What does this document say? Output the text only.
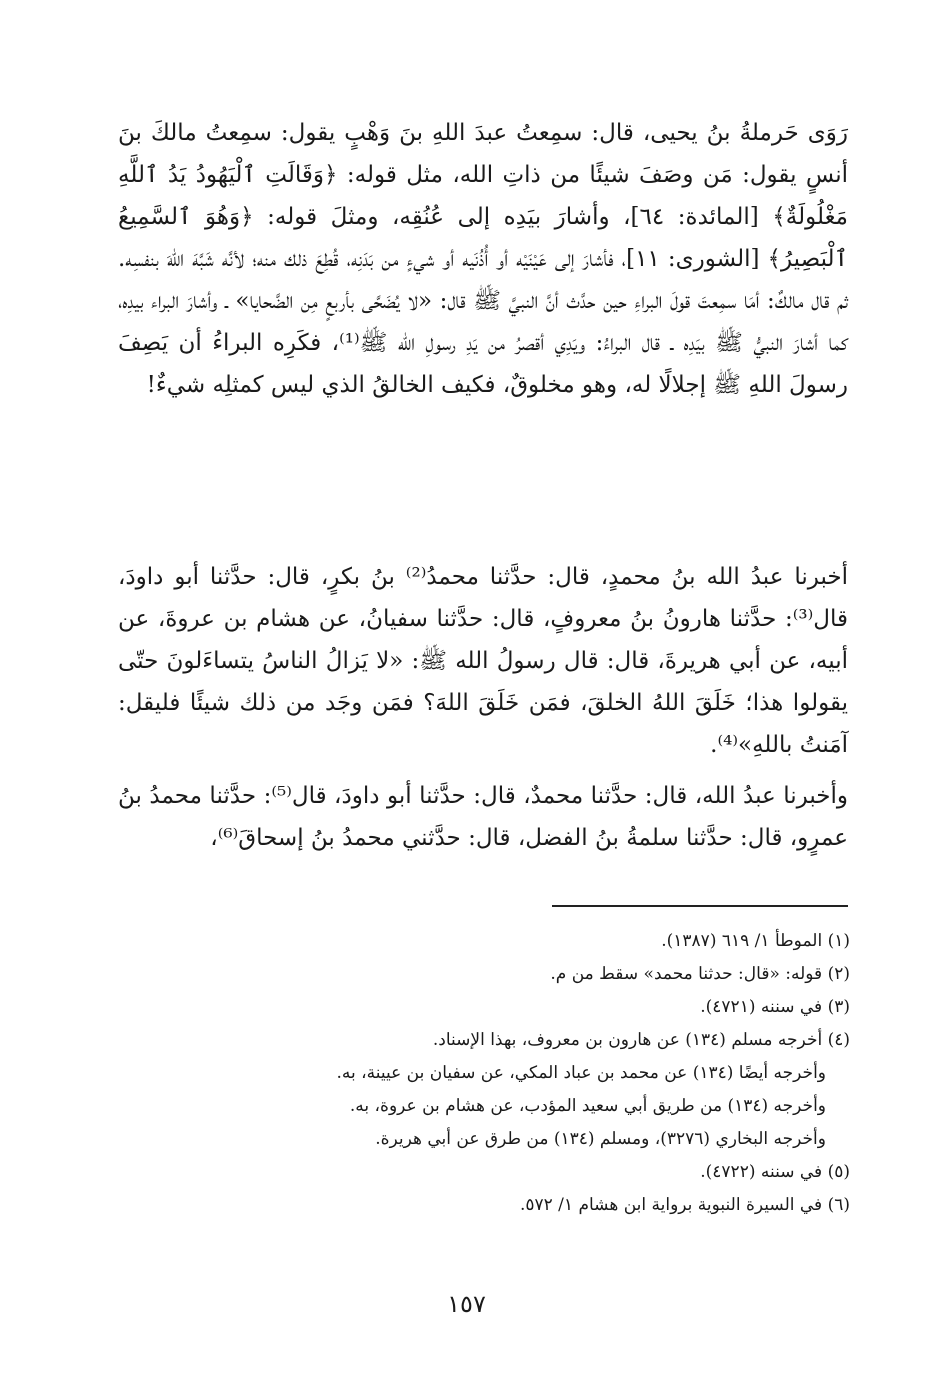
رَوَى حَرملةُ بنُ يحيى، قال: سمِعتُ عبدَ اللهِ بنَ وَهْبٍ يقول: سمِعتُ مالكَ بنَ أنسٍ يقول: مَن وصَفَ شيئًا من ذاتِ الله، مثل قوله: ﴿وَقَالَتِ ٱلْيَهُودُ يَدُ ٱللَّهِ مَغْلُولَةٌ﴾ [المائدة: ٦٤]، وأشارَ بيَدِه إلى عُنُقِه، ومثلَ قوله: ﴿وَهُوَ ٱلسَّمِيعُ ٱلْبَصِيرُ﴾ [الشورى: ١١]، فأشارَ إلى عَيْنَيْه أو أُذُنَيه أو شيءٍ من بَدَنِه، قُطِعَ ذلك منه؛ لأنَّه شَبَّهَ اللهَ بنفسِه. ثم قال مالكٌ: أمَا سمِعتَ قولَ البراءِ حين حدَّث أنَّ النبيَّ ﷺ قال: «لا يُضَحَّى بأربعٍ مِن الضَّحايا» ـ وأشارَ البراء بيدِه، كما أشارَ النبيُّ ﷺ بيَدِه ـ قال البراءُ: ويَدِي أقصرُ من يَدِ رسولِ الله ﷺ⁽¹⁾، فكَرِه البراءُ أن يَصِفَ رسولَ اللهِ ﷺ إجلالًا له، وهو مخلوقٌ، فكيف الخالقُ الذي ليس كمثلِه شيءٌ!

أخبرنا عبدُ الله بنُ محمدٍ، قال: حدَّثنا محمدُ⁽²⁾ بنُ بكرٍ، قال: حدَّثنا أبو داودَ، قال⁽³⁾: حدَّثنا هارونُ بنُ معروفٍ، قال: حدَّثنا سفيانُ، عن هشام بن عروةَ، عن أبيه، عن أبي هريرةَ، قال: قال رسولُ الله ﷺ: «لا يَزالُ الناسُ يتساءَلونَ حتّى يقولوا هذا؛ خَلَقَ اللهُ الخلقَ، فمَن خَلَقَ اللهَ؟ فمَن وجَد من ذلك شيئًا فليقل: آمَنتُ باللهِ»⁽⁴⁾.

وأخبرنا عبدُ الله، قال: حدَّثنا محمدٌ، قال: حدَّثنا أبو داودَ، قال⁽⁵⁾: حدَّثنا محمدُ بنُ عمرٍو، قال: حدَّثنا سلمةُ بنُ الفضل، قال: حدَّثني محمدُ بنُ إسحاقَ⁽⁶⁾،

(١) الموطأ ١/ ٦١٩ (١٣٨٧).

(٢) قوله: «قال: حدثنا محمد» سقط من م.

(٣) في سننه (٤٧٢١).

(٤) أخرجه مسلم (١٣٤) عن هارون بن معروف، بهذا الإسناد.

وأخرجه أيضًا (١٣٤) عن محمد بن عباد المكي، عن سفيان بن عيينة، به.

وأخرجه (١٣٤) من طريق أبي سعيد المؤدب، عن هشام بن عروة، به.

وأخرجه البخاري (٣٢٧٦)، ومسلم (١٣٤) من طرق عن أبي هريرة.

(٥) في سننه (٤٧٢٢).

(٦) في السيرة النبوية برواية ابن هشام ١/ ٥٧٢.

١٥٧
